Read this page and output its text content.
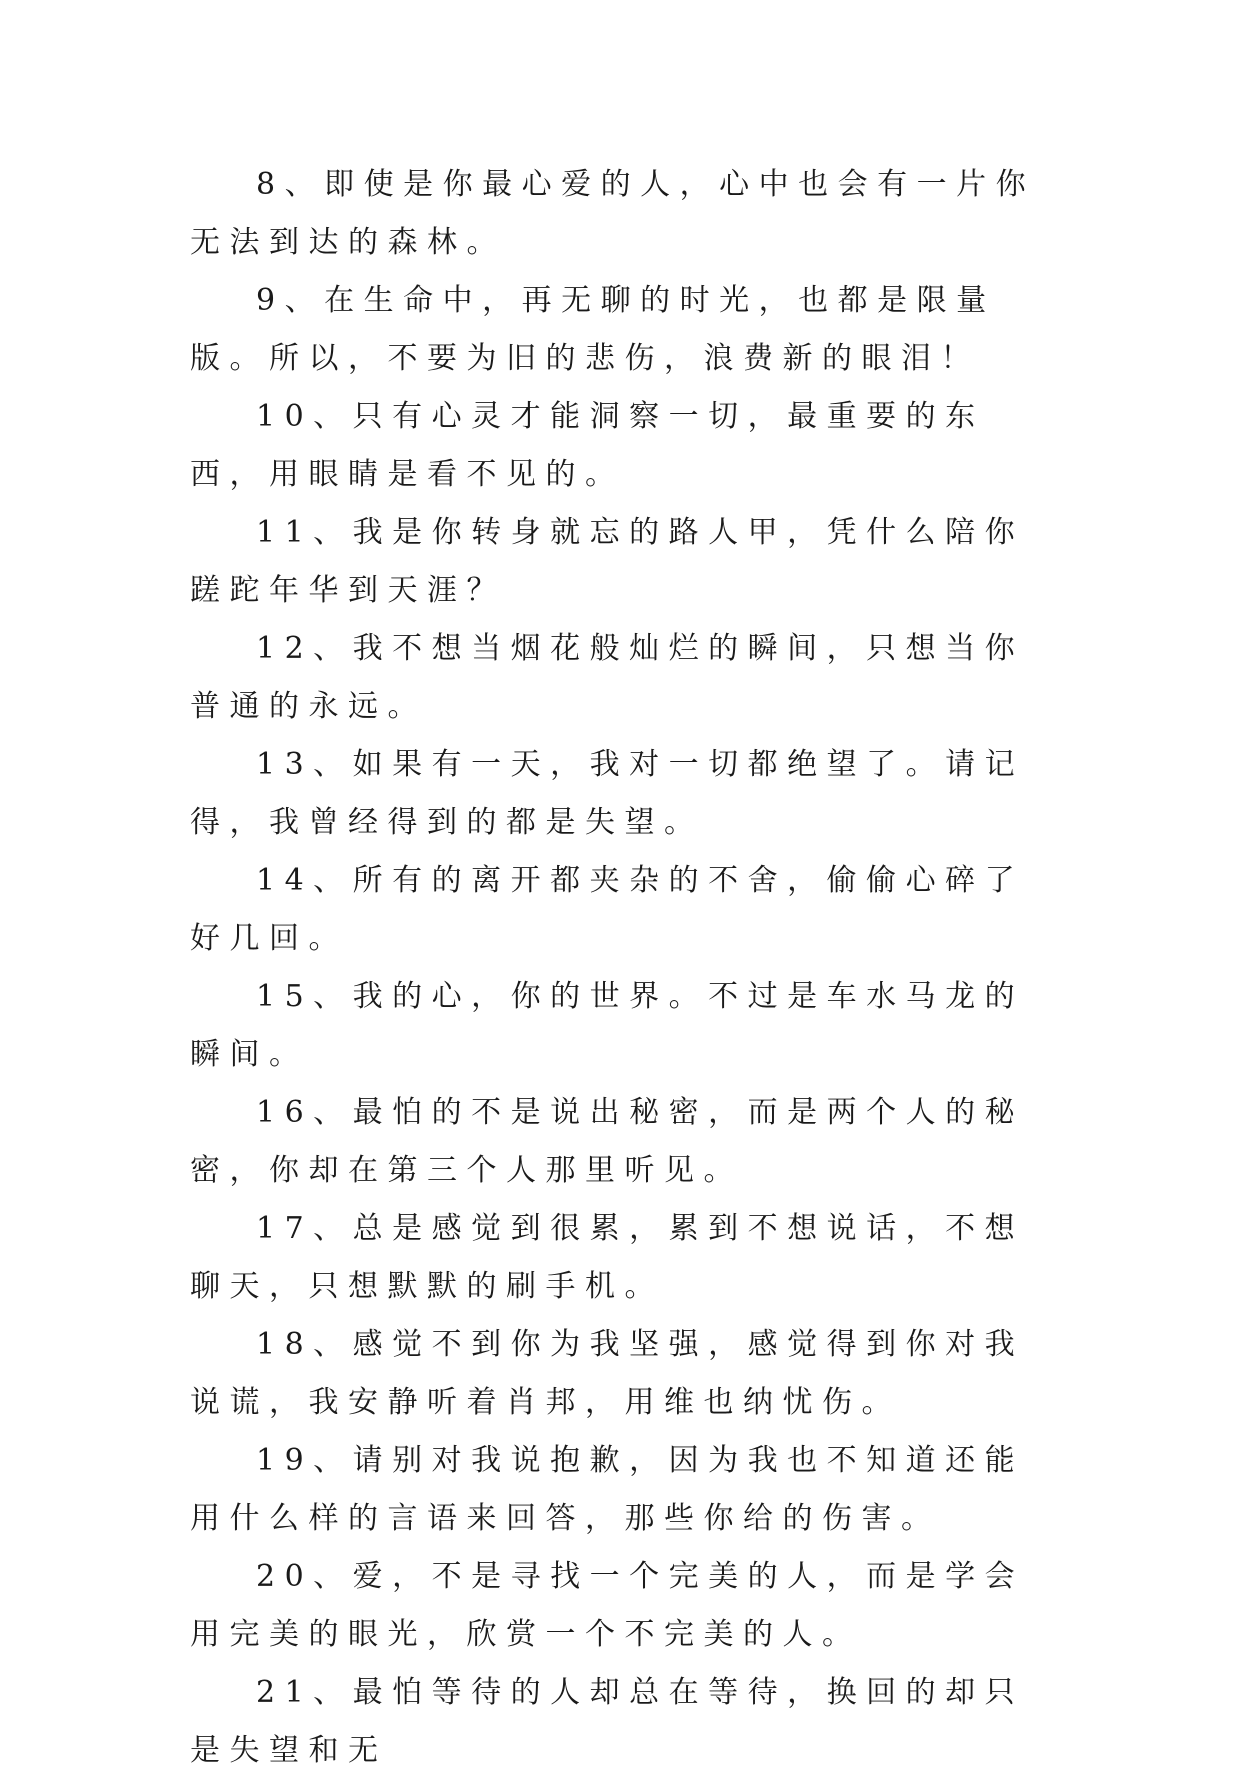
8、即使是你最心爱的人，心中也会有一片你无法到达的森林。

9、在生命中，再无聊的时光，也都是限量版。所以，不要为旧的悲伤，浪费新的眼泪！

10、只有心灵才能洞察一切，最重要的东西，用眼睛是看不见的。

11、我是你转身就忘的路人甲，凭什么陪你蹉跎年华到天涯？

12、我不想当烟花般灿烂的瞬间，只想当你普通的永远。

13、如果有一天，我对一切都绝望了。请记得，我曾经得到的都是失望。

14、所有的离开都夹杂的不舍，偷偷心碎了好几回。

15、我的心，你的世界。不过是车水马龙的瞬间。

16、最怕的不是说出秘密，而是两个人的秘密，你却在第三个人那里听见。

17、总是感觉到很累，累到不想说话，不想聊天，只想默默的刷手机。

18、感觉不到你为我坚强，感觉得到你对我说谎，我安静听着肖邦，用维也纳忧伤。

19、请别对我说抱歉，因为我也不知道还能用什么样的言语来回答，那些你给的伤害。

20、爱，不是寻找一个完美的人，而是学会用完美的眼光，欣赏一个不完美的人。

21、最怕等待的人却总在等待，换回的却只是失望和无
